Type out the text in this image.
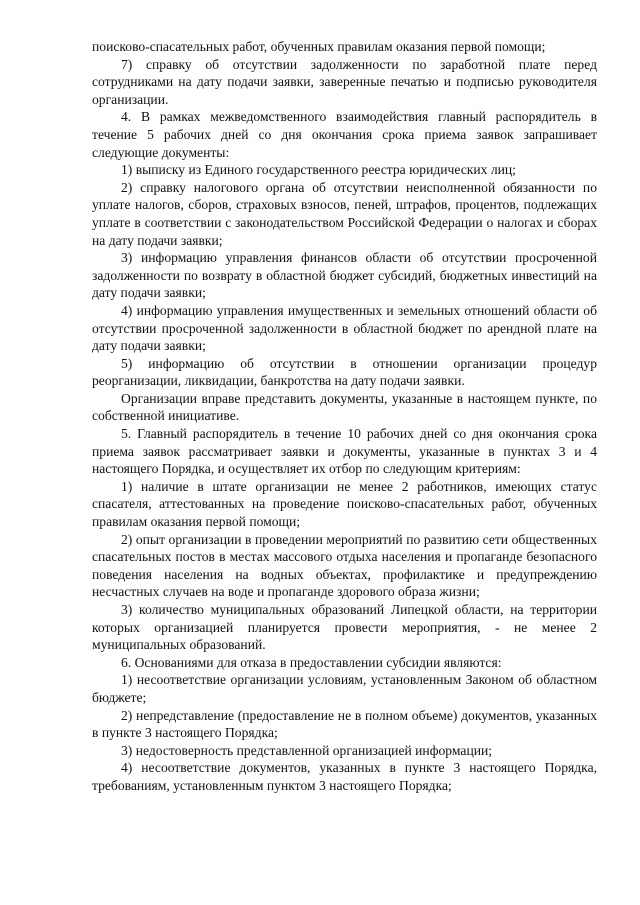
поисково-спасательных работ, обученных правилам оказания первой помощи;

7) справку об отсутствии задолженности по заработной плате перед сотрудниками на дату подачи заявки, заверенные печатью и подписью руководителя организации.

4. В рамках межведомственного взаимодействия главный распорядитель в течение 5 рабочих дней со дня окончания срока приема заявок запрашивает следующие документы:

1) выписку из Единого государственного реестра юридических лиц;

2) справку налогового органа об отсутствии неисполненной обязанности по уплате налогов, сборов, страховых взносов, пеней, штрафов, процентов, подлежащих уплате в соответствии с законодательством Российской Федерации о налогах и сборах на дату подачи заявки;

3) информацию управления финансов области об отсутствии просроченной задолженности по возврату в областной бюджет субсидий, бюджетных инвестиций на дату подачи заявки;

4) информацию управления имущественных и земельных отношений области об отсутствии просроченной задолженности в областной бюджет по арендной плате на дату подачи заявки;

5) информацию об отсутствии в отношении организации процедур реорганизации, ликвидации, банкротства на дату подачи заявки.

Организации вправе представить документы, указанные в настоящем пункте, по собственной инициативе.

5. Главный распорядитель в течение 10 рабочих дней со дня окончания срока приема заявок рассматривает заявки и документы, указанные в пунктах 3 и 4 настоящего Порядка, и осуществляет их отбор по следующим критериям:

1) наличие в штате организации не менее 2 работников, имеющих статус спасателя, аттестованных на проведение поисково-спасательных работ, обученных правилам оказания первой помощи;

2) опыт организации в проведении мероприятий по развитию сети общественных спасательных постов в местах массового отдыха населения и пропаганде безопасного поведения населения на водных объектах, профилактике и предупреждению несчастных случаев на воде и пропаганде здорового образа жизни;

3) количество муниципальных образований Липецкой области, на территории которых организацией планируется провести мероприятия, - не менее 2 муниципальных образований.

6. Основаниями для отказа в предоставлении субсидии являются:

1) несоответствие организации условиям, установленным Законом об областном бюджете;

2) непредставление (предоставление не в полном объеме) документов, указанных в пункте 3 настоящего Порядка;

3) недостоверность представленной организацией информации;

4) несоответствие документов, указанных в пункте 3 настоящего Порядка, требованиям, установленным пунктом 3 настоящего Порядка;
